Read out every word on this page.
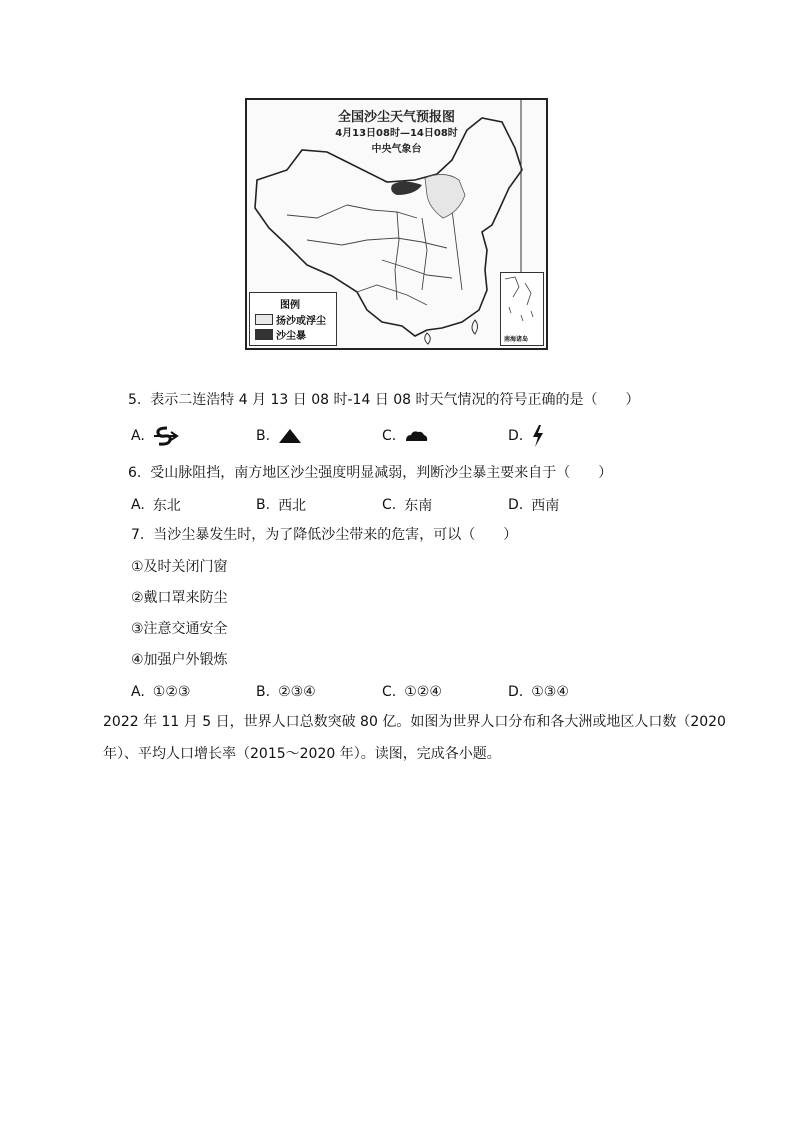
全国沙尘天气预报图
4月13日08时—14日08时
中央气象台
图例
扬沙或浮尘
沙尘暴	南海诸岛
5. 表示二连浩特 4 月 13 日 08 时-14 日 08 时天气情况的符号正确的是（　　）
A.	B.	C.	D.
6. 受山脉阻挡，南方地区沙尘强度明显减弱，判断沙尘暴主要来自于（　　）
A. 东北	B. 西北	C. 东南	D. 西南
7. 当沙尘暴发生时，为了降低沙尘带来的危害，可以（　　）
①及时关闭门窗
②戴口罩来防尘
③注意交通安全
④加强户外锻炼
A. ①②③	B. ②③④	C. ①②④	D. ①③④
2022 年 11 月 5 日，世界人口总数突破 80 亿。如图为世界人口分布和各大洲或地区人口数（2020
年）、平均人口增长率（2015～2020 年）。读图，完成各小题。
